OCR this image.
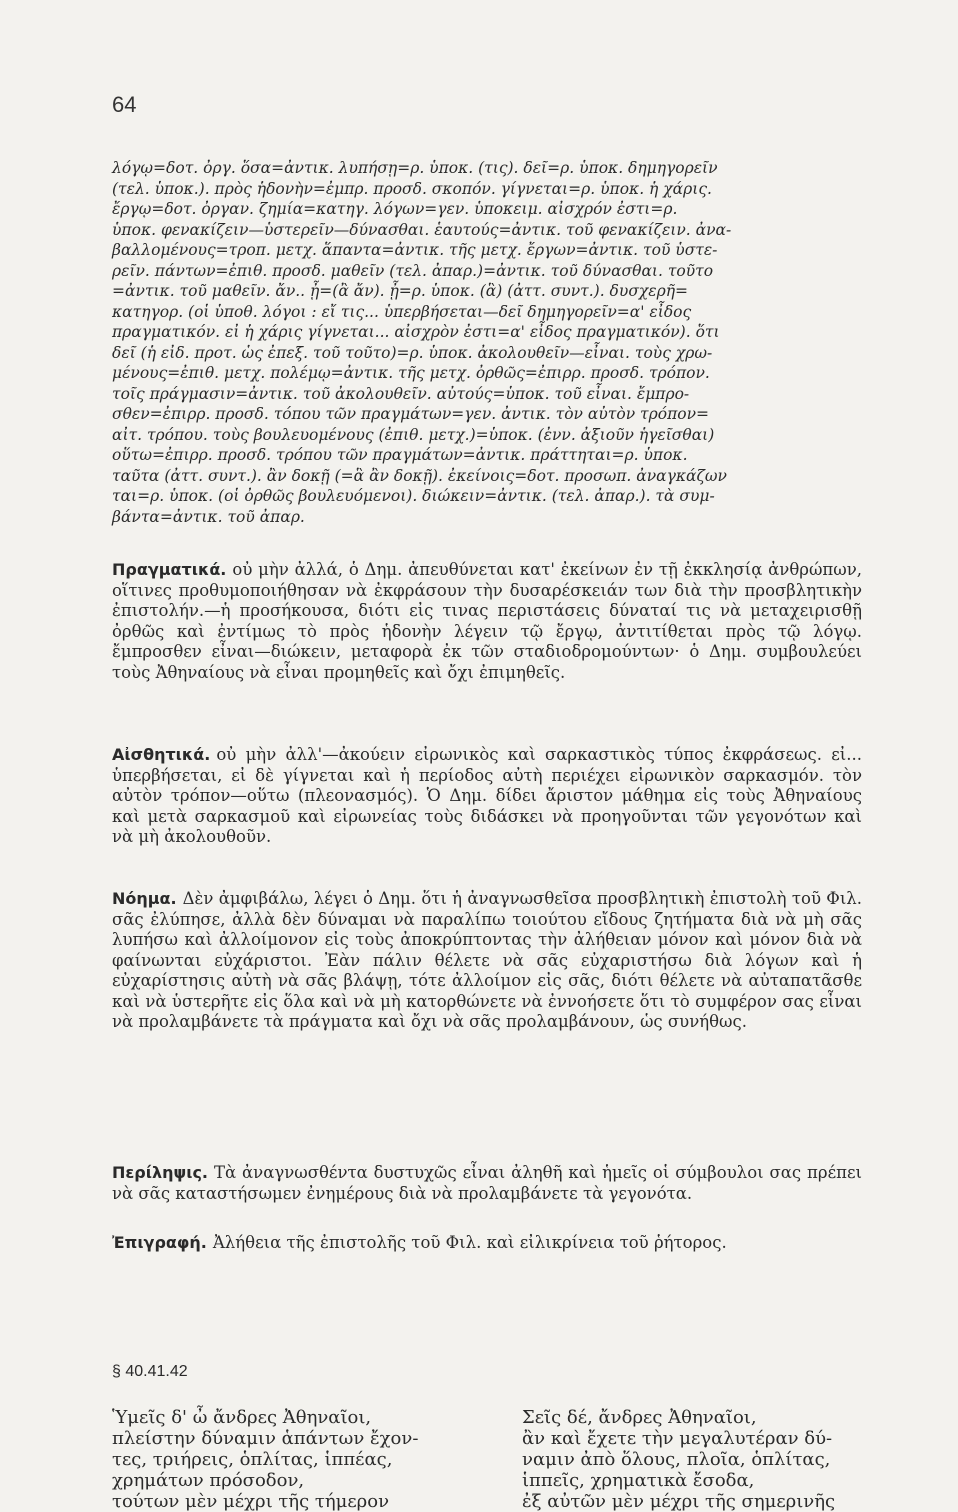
64

λόγῳ=δοτ. ὀργ. ὅσα=ἀντικ. λυπήσῃ=ρ. ὑποκ. (τις). δεῖ=ρ. ὑποκ. δημηγορεῖν

(τελ. ὑποκ.). πρὸς ἡδονὴν=ἐμπρ. προσδ. σκοπόν. γίγνεται=ρ. ὑποκ. ἡ χάρις.

ἔργῳ=δοτ. ὀργαν. ζημία=κατηγ. λόγων=γεν. ὑποκειμ. αἰσχρόν ἐστι=ρ.

ὑποκ. φενακίζειν—ὑστερεῖν—δύνασθαι. ἑαυτούς=ἀντικ. τοῦ φενακίζειν. ἀνα-

βαλλομένους=τροπ. μετχ. ἅπαντα=ἀντικ. τῆς μετχ. ἔργων=ἀντικ. τοῦ ὑστε-

ρεῖν. πάντων=ἐπιθ. προσδ. μαθεῖν (τελ. ἀπαρ.)=ἀντικ. τοῦ δύνασθαι. τοῦτο

=ἀντικ. τοῦ μαθεῖν. ἄν.. ᾖ=(ἂ ἄν). ᾖ=ρ. ὑποκ. (ἃ) (ἀττ. συντ.). δυσχερῆ=

κατηγορ. (οἱ ὑποθ. λόγοι : εἴ τις... ὑπερβήσεται—δεῖ δημηγορεῖν=α' εἶδος

πραγματικόν. εἰ ἡ χάρις γίγνεται... αἰσχρὸν ἐστι=α' εἶδος πραγματικόν). ὅτι

δεῖ (ἡ εἰδ. προτ. ὡς ἐπεξ. τοῦ τοῦτο)=ρ. ὑποκ. ἀκολουθεῖν—εἶναι. τοὺς χρω-

μένους=ἐπιθ. μετχ. πολέμῳ=ἀντικ. τῆς μετχ. ὀρθῶς=ἐπιρρ. προσδ. τρόπον.

τοῖς πράγμασιν=ἀντικ. τοῦ ἀκολουθεῖν. αὐτούς=ὑποκ. τοῦ εἶναι. ἔμπρο-

σθεν=ἐπιρρ. προσδ. τόπου τῶν πραγμάτων=γεν. ἀντικ. τὸν αὐτὸν τρόπον=

αἰτ. τρόπου. τοὺς βουλευομένους (ἐπιθ. μετχ.)=ὑποκ. (ἐνν. ἀξιοῦν ἡγεῖσθαι)

οὕτω=ἐπιρρ. προσδ. τρόπου τῶν πραγμάτων=ἀντικ. πράττηται=ρ. ὑποκ.

ταῦτα (ἀττ. συντ.). ἂν δοκῇ (=ἃ ἂν δοκῇ). ἐκείνοις=δοτ. προσωπ. ἀναγκάζων

ται=ρ. ὑποκ. (οἱ ὀρθῶς βουλευόμενοι). διώκειν=ἀντικ. (τελ. ἀπαρ.). τὰ συμ-

βάντα=ἀντικ. τοῦ ἀπαρ.

Πραγματικά. οὐ μὴν ἀλλά, ὁ Δημ. ἀπευθύνεται κατ' ἐκείνων ἐν τῇ ἐκκλησίᾳ ἀνθρώπων, οἵτινες προθυμοποιήθησαν νὰ ἐκφράσουν τὴν δυσαρέσκειάν των διὰ τὴν προσβλητικὴν ἐπιστολήν.—ἡ προσήκουσα, διότι εἰς τινας περιστάσεις δύναταί τις νὰ μεταχειρισθῇ ὀρθῶς καὶ ἐντίμως τὸ πρὸς ἡδονὴν λέγειν τῷ ἔργῳ, ἀντιτίθεται πρὸς τῷ λόγῳ. ἔμπροσθεν εἶναι—διώκειν, μεταφορὰ ἐκ τῶν σταδιοδρομούντων· ὁ Δημ. συμβουλεύει τοὺς Ἀθηναίους νὰ εἶναι προμηθεῖς καὶ ὄχι ἐπιμηθεῖς.

Αἰσθητικά. οὐ μὴν ἀλλ'—ἀκούειν εἰρωνικὸς καὶ σαρκαστικὸς τύπος ἐκφράσεως. εἰ... ὑπερβήσεται, εἰ δὲ γίγνεται καὶ ἡ περίοδος αὐτὴ περιέχει εἰρωνικὸν σαρκασμόν. τὸν αὐτὸν τρόπον—οὕτω (πλεονασμός). Ὁ Δημ. δίδει ἄριστον μάθημα εἰς τοὺς Ἀθηναίους καὶ μετὰ σαρκασμοῦ καὶ εἰρωνείας τοὺς διδάσκει νὰ προηγοῦνται τῶν γεγονότων καὶ νὰ μὴ ἀκολουθοῦν.

Νόημα. Δὲν ἀμφιβάλω, λέγει ὁ Δημ. ὅτι ἡ ἀναγνωσθεῖσα προσβλητικὴ ἐπιστολὴ τοῦ Φιλ. σᾶς ἐλύπησε, ἀλλὰ δὲν δύναμαι νὰ παραλίπω τοιούτου εἴδους ζητήματα διὰ νὰ μὴ σᾶς λυπήσω καὶ ἀλλοίμονον εἰς τοὺς ἀποκρύπτοντας τὴν ἀλήθειαν μόνον καὶ μόνον διὰ νὰ φαίνωνται εὐχάριστοι. Ἐὰν πάλιν θέλετε νὰ σᾶς εὐχαριστήσω διὰ λόγων καὶ ἡ εὐχαρίστησις αὐτὴ νὰ σᾶς βλάψῃ, τότε ἀλλοίμον εἰς σᾶς, διότι θέλετε νὰ αὐταπατᾶσθε καὶ νὰ ὑστερῆτε εἰς ὅλα καὶ νὰ μὴ κατορθώνετε νὰ ἐννοήσετε ὅτι τὸ συμφέρον σας εἶναι νὰ προλαμβάνετε τὰ πράγματα καὶ ὄχι νὰ σᾶς προλαμβάνουν, ὡς συνήθως.

Περίληψις. Τὰ ἀναγνωσθέντα δυστυχῶς εἶναι ἀληθῆ καὶ ἡμεῖς οἱ σύμβουλοι σας πρέπει νὰ σᾶς καταστήσωμεν ἐνημέρους διὰ νὰ προλαμβάνετε τὰ γεγονότα.

Ἐπιγραφή. Ἀλήθεια τῆς ἐπιστολῆς τοῦ Φιλ. καὶ εἰλικρίνεια τοῦ ῥήτορος.

§ 40.41.42
Ὑμεῖς δ' ὦ ἄνδρες Ἀθηναῖοι,
πλείστην δύναμιν ἁπάντων ἔχον-
τες, τριήρεις, ὁπλίτας, ἱππέας,
χρημάτων πρόσοδον,
τούτων μὲν μέχρι τῆς τήμερον
Σεῖς δέ, ἄνδρες Ἀθηναῖοι,
ἂν καὶ ἔχετε τὴν μεγαλυτέραν δύ-
ναμιν ἀπὸ ὅλους, πλοῖα, ὁπλίτας,
ἱππεῖς, χρηματικὰ ἔσοδα,
ἐξ αὐτῶν μὲν μέχρι τῆς σημερινῆς
